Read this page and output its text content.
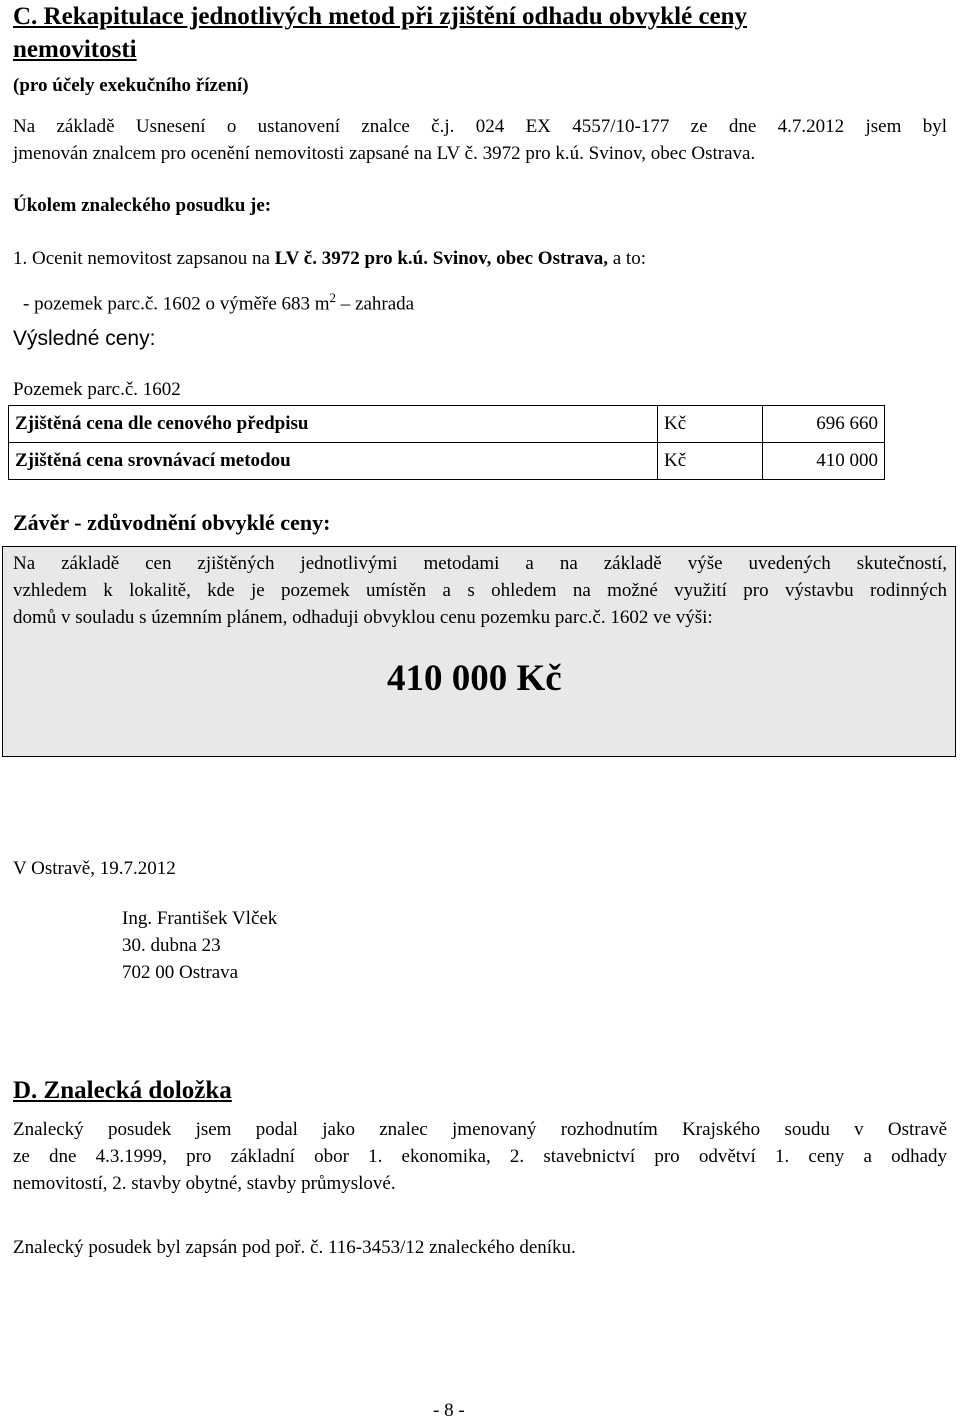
C. Rekapitulace jednotlivých metod při zjištění odhadu obvyklé ceny
nemovitosti
(pro účely exekučního řízení)
Na základě Usnesení o ustanovení znalce č.j. 024 EX 4557/10-177 ze dne 4.7.2012 jsem byl
jmenován znalcem pro ocenění nemovitosti zapsané na LV č. 3972 pro k.ú. Svinov, obec Ostrava.
Úkolem znaleckého posudku je:
1. Ocenit nemovitost zapsanou na LV č. 3972 pro k.ú. Svinov, obec Ostrava, a to:
- pozemek parc.č. 1602 o výměře 683 $m^2$ – zahrada
Výsledné ceny:
Pozemek parc.č. 1602
Zjištěná cena dle cenového předpisu	Kč	696 660
Zjištěná cena srovnávací metodou	Kč	410 000
Závěr - zdůvodnění obvyklé ceny:
Na základě cen zjištěných jednotlivými metodami a na základě výše uvedených skutečností,
vzhledem k lokalitě, kde je pozemek umístěn a s ohledem na možné využití pro výstavbu rodinných
domů v souladu s územním plánem, odhaduji obvyklou cenu pozemku parc.č. 1602 ve výši:
410 000 Kč
V Ostravě, 19.7.2012
Ing. František Vlček
30. dubna 23
702 00 Ostrava
D. Znalecká doložka
Znalecký posudek jsem podal jako znalec jmenovaný rozhodnutím Krajského soudu v Ostravě
ze dne 4.3.1999, pro základní obor 1. ekonomika, 2. stavebnictví pro odvětví 1. ceny a odhady
nemovitostí, 2. stavby obytné, stavby průmyslové.
Znalecký posudek byl zapsán pod poř. č. 116-3453/12 znaleckého deníku.
- 8 -
